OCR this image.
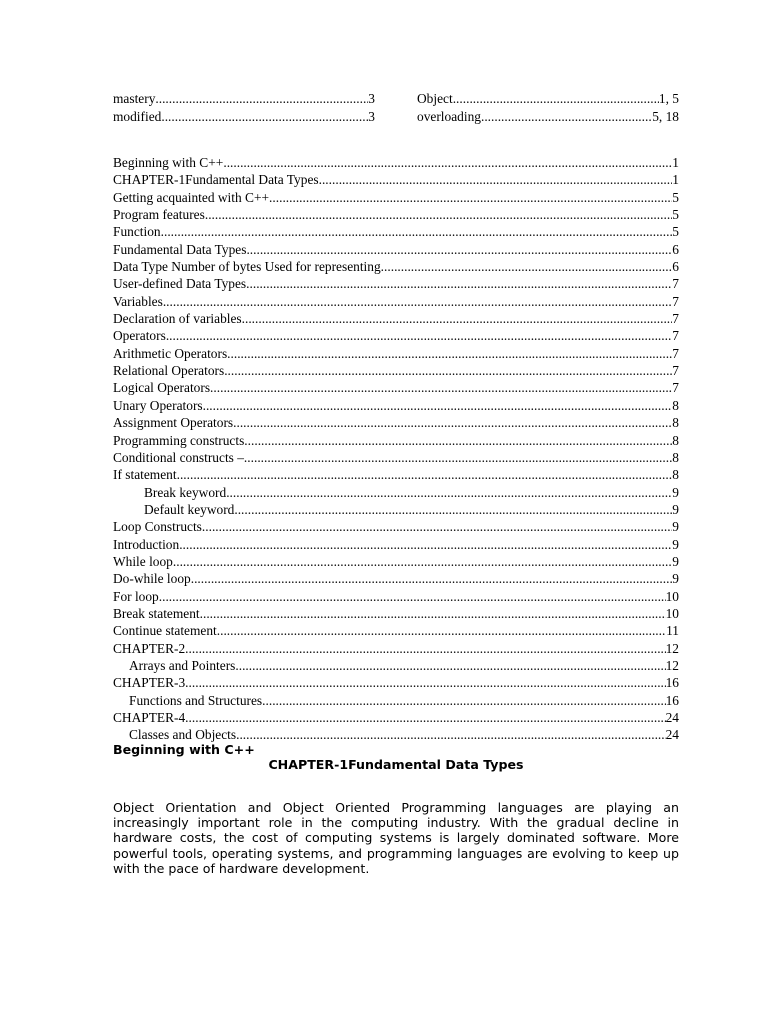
mastery .....	3
modified .....	3
Object .....	1, 5
overloading .....	5, 18
Beginning with C++ .....	1
CHAPTER-1Fundamental Data Types .....	1
Getting acquainted with C++ .....	5
Program features .....	5
Function .....	5
Fundamental Data Types .....	6
Data Type Number of bytes Used for representing .....	6
User-defined Data Types .....	7
Variables .....	7
Declaration of variables .....	7
Operators .....	7
Arithmetic Operators .....	7
Relational Operators .....	7
Logical Operators .....	7
Unary Operators .....	8
Assignment Operators .....	8
Programming constructs .....	8
Conditional constructs – .....	8
If statement .....	8
Break keyword .....	9
Default keyword .....	9
Loop Constructs .....	9
Introduction .....	9
While loop .....	9
Do-while loop .....	9
For loop .....	10
Break statement .....	10
Continue statement .....	11
CHAPTER-2 .....	12
Arrays and Pointers .....	12
CHAPTER-3 .....	16
Functions and Structures .....	16
CHAPTER-4 .....	24
Classes and Objects .....	24
Beginning with C++
CHAPTER-1Fundamental Data Types
Object Orientation and Object Oriented Programming languages are playing an increasingly important role in the computing industry. With the gradual decline in hardware costs, the cost of computing systems is largely dominated software. More powerful tools, operating systems, and programming languages are evolving to keep up with the pace of hardware development.
